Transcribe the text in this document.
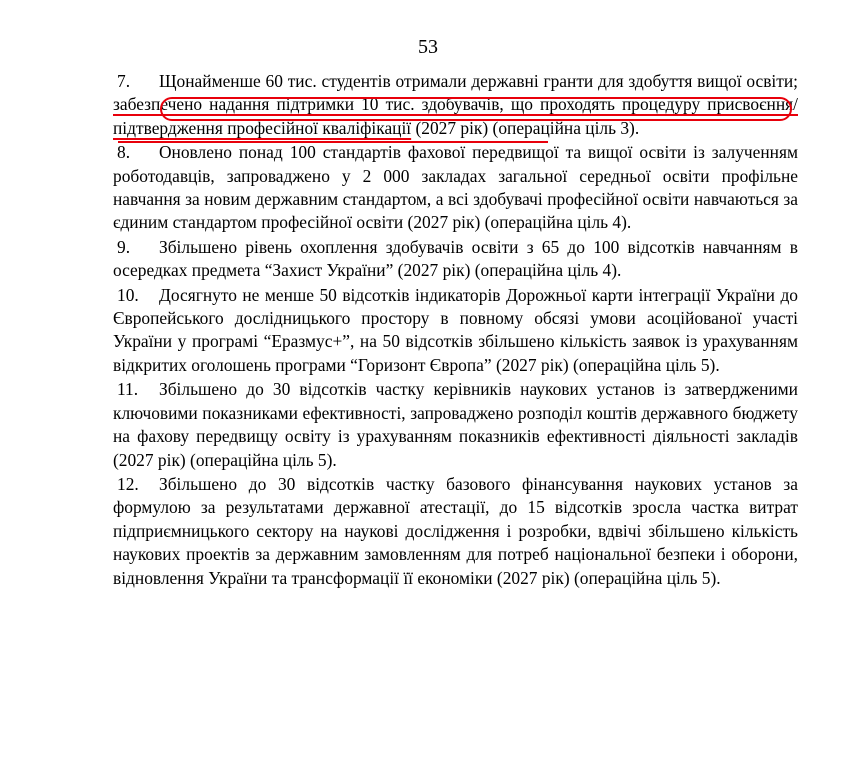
53

7. Щонайменше 60 тис. студентів отримали державні гранти для здобуття вищої освіти; забезпечено надання підтримки 10 тис. здобувачів, що проходять процедуру присвоєння/підтвердження професійної кваліфікації (2027 рік) (операційна ціль 3).

8. Оновлено понад 100 стандартів фахової передвищої та вищої освіти із залученням роботодавців, запроваджено у 2 000 закладах загальної середньої освіти профільне навчання за новим державним стандартом, а всі здобувачі професійної освіти навчаються за єдиним стандартом професійної освіти (2027 рік) (операційна ціль 4).

9. Збільшено рівень охоплення здобувачів освіти з 65 до 100 відсотків навчанням в осередках предмета “Захист України” (2027 рік) (операційна ціль 4).

10. Досягнуто не менше 50 відсотків індикаторів Дорожньої карти інтеграції України до Європейського дослідницького простору в повному обсязі умови асоційованої участі України у програмі “Еразмус+”, на 50 відсотків збільшено кількість заявок із урахуванням відкритих оголошень програми “Горизонт Європа” (2027 рік) (операційна ціль 5).

11. Збільшено до 30 відсотків частку керівників наукових установ із затвердженими ключовими показниками ефективності, запроваджено розподіл коштів державного бюджету на фахову передвищу освіту із урахуванням показників ефективності діяльності закладів (2027 рік) (операційна ціль 5).

12. Збільшено до 30 відсотків частку базового фінансування наукових установ за формулою за результатами державної атестації, до 15 відсотків зросла частка витрат підприємницького сектору на наукові дослідження і розробки, вдвічі збільшено кількість наукових проектів за державним замовленням для потреб національної безпеки і оборони, відновлення України та трансформації її економіки (2027 рік) (операційна ціль 5).
